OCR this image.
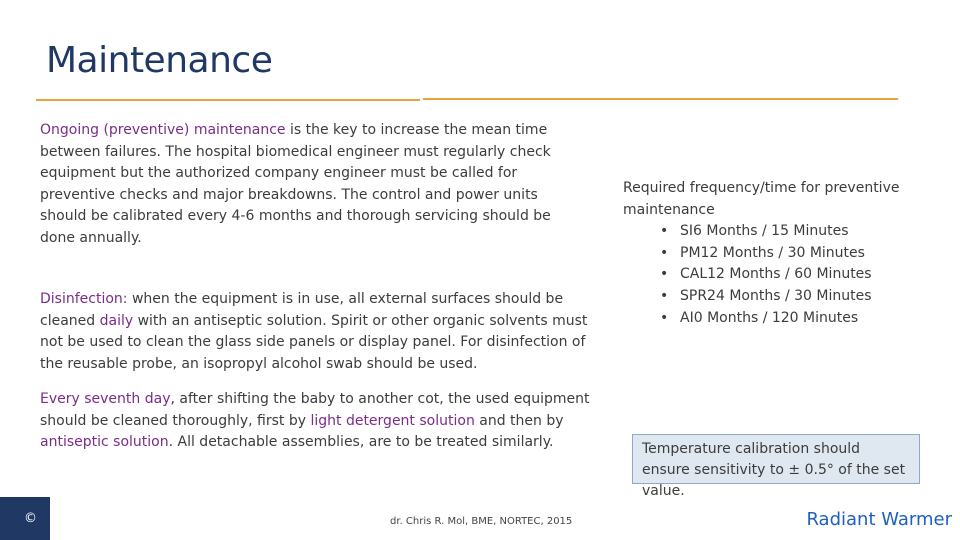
Maintenance
Ongoing (preventive) maintenance is the key to increase the mean time between failures. The hospital biomedical engineer must regularly check equipment but the authorized company engineer must be called for preventive checks and major breakdowns. The control and power units should be calibrated every 4-6 months and thorough servicing should be done annually.
Disinfection: when the equipment is in use, all external surfaces should be cleaned daily with an antiseptic solution. Spirit or other organic solvents must not be used to clean the glass side panels or display panel. For disinfection of the reusable probe, an isopropyl alcohol swab should be used.
Every seventh day, after shifting the baby to another cot, the used equipment should be cleaned thoroughly, first by light detergent solution and then by antiseptic solution. All detachable assemblies, are to be treated similarly.
Required frequency/time for preventive maintenance
• SI6 Months / 15 Minutes
• PM12 Months / 30 Minutes
• CAL12 Months / 60 Minutes
• SPR24 Months / 30 Minutes
• AI0 Months / 120 Minutes
Temperature calibration should ensure sensitivity to ± 0.5° of the set value.
©	dr. Chris R. Mol, BME, NORTEC, 2015	Radiant Warmer
